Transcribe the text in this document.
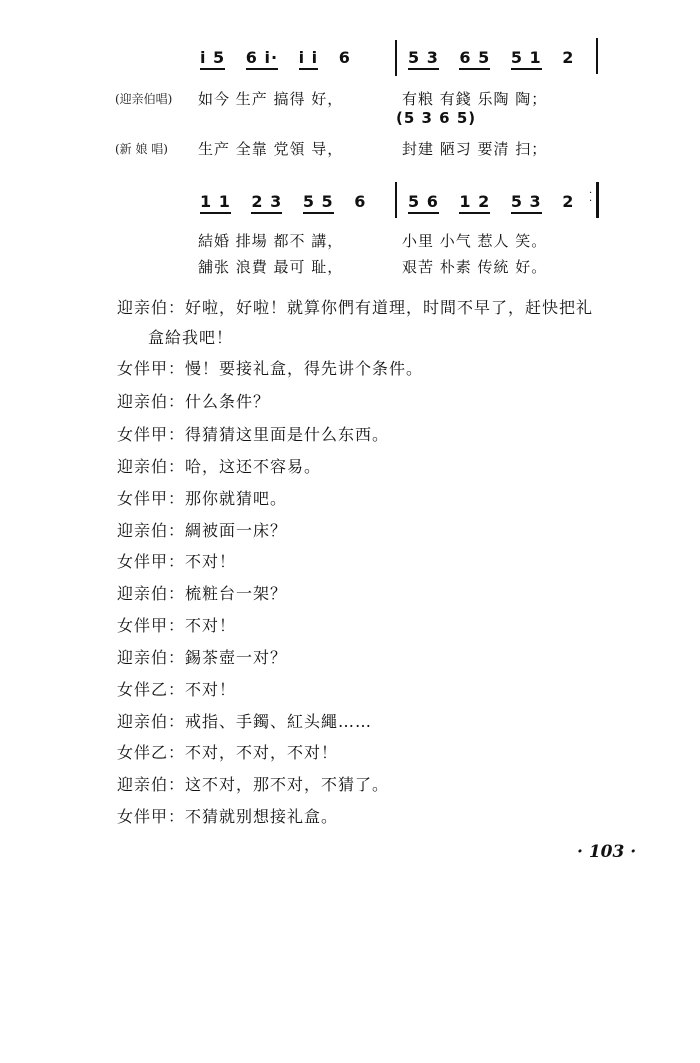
i 5 6 i· i i 6	5 3 6 5 5 1 2
(迎亲伯唱) 如今 生产 搞得 好，	有粮 有錢 乐陶 陶；
(5 3 6 5)
(新 娘 唱) 生产 全靠 党領 导，	封建 陋习 要清 扫；
1 1 2 3 5 5 6	5 6 1 2 5 3 2	·
·
結婚 排場 都不 講，	小里 小气 惹人 笑。
舖张 浪費 最可 耻，	艰苦 朴素 传統 好。
迎亲伯：好啦，好啦！就算你們有道理，时間不早了，赶快把礼
盒給我吧！
女伴甲：慢！要接礼盒，得先讲个条件。
迎亲伯：什么条件？
女伴甲：得猜猜这里面是什么东西。
迎亲伯：哈，这还不容易。
女伴甲：那你就猜吧。
迎亲伯：綢被面一床？
女伴甲：不对！
迎亲伯：梳粧台一架？
女伴甲：不对！
迎亲伯：錫茶壺一对？
女伴乙：不对！
迎亲伯：戒指、手鐲、紅头繩……
女伴乙：不对，不对，不对！
迎亲伯：这不对，那不对，不猜了。
女伴甲：不猜就别想接礼盒。
· 103 ·
